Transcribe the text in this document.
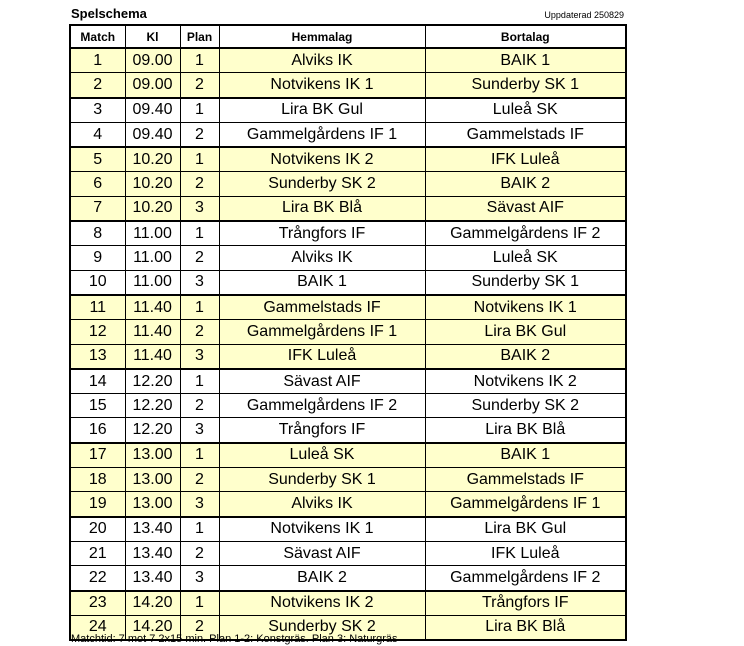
Spelschema	Uppdaterad 250829
Match	Kl	Plan	Hemmalag	Bortalag
1	09.00	1	Alviks IK	BAIK 1
2	09.00	2	Notvikens IK 1	Sunderby SK 1
3	09.40	1	Lira BK Gul	Luleå SK
4	09.40	2	Gammelgårdens IF 1	Gammelstads IF
5	10.20	1	Notvikens IK 2	IFK Luleå
6	10.20	2	Sunderby SK 2	BAIK 2
7	10.20	3	Lira BK Blå	Sävast AIF
8	11.00	1	Trångfors IF	Gammelgårdens IF 2
9	11.00	2	Alviks IK	Luleå SK
10	11.00	3	BAIK 1	Sunderby SK 1
11	11.40	1	Gammelstads IF	Notvikens IK 1
12	11.40	2	Gammelgårdens IF 1	Lira BK Gul
13	11.40	3	IFK Luleå	BAIK 2
14	12.20	1	Sävast AIF	Notvikens IK 2
15	12.20	2	Gammelgårdens IF 2	Sunderby SK 2
16	12.20	3	Trångfors IF	Lira BK Blå
17	13.00	1	Luleå SK	BAIK 1
18	13.00	2	Sunderby SK 1	Gammelstads IF
19	13.00	3	Alviks IK	Gammelgårdens IF 1
20	13.40	1	Notvikens IK 1	Lira BK Gul
21	13.40	2	Sävast AIF	IFK Luleå
22	13.40	3	BAIK 2	Gammelgårdens IF 2
23	14.20	1	Notvikens IK 2	Trångfors IF
24	14.20	2	Sunderby SK 2	Lira BK Blå
Matchtid: 7 mot 7 2x15 min. Plan 1-2: Konstgräs. Plan 3: Naturgräs
